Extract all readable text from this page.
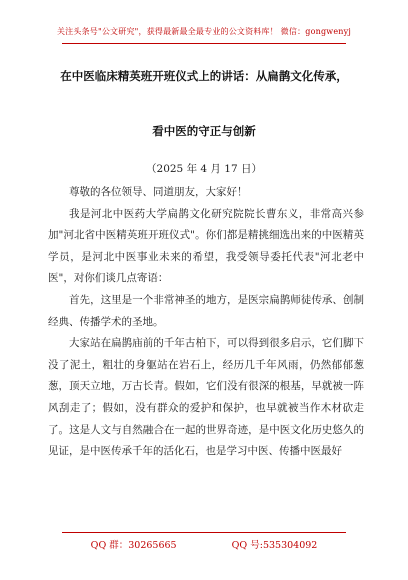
关注头条号"公文研究"，获得最新最全最专业的公文资料库！ 微信：gongwenyj
在中医临床精英班开班仪式上的讲话：从扁鹊文化传承，
看中医的守正与创新
（2025 年 4 月 17 日）

尊敬的各位领导、同道朋友，大家好！

我是河北中医药大学扁鹊文化研究院院长曹东义，非常高兴参加"河北省中医精英班开班仪式"。你们都是精挑细选出来的中医精英学员，是河北中医事业未来的希望，我受领导委托代表"河北老中医"，对你们谈几点寄语：

首先，这里是一个非常神圣的地方，是医宗扁鹊师徒传承、创制经典、传播学术的圣地。

大家站在扁鹊庙前的千年古柏下，可以得到很多启示，它们脚下没了泥土，粗壮的身躯站在岩石上，经历几千年风雨，仍然郁郁葱葱，顶天立地，万古长青。假如，它们没有很深的根基，早就被一阵风刮走了；假如，没有群众的爱护和保护，也早就被当作木材砍走了。这是人文与自然融合在一起的世界奇迹，是中医文化历史悠久的见证，是中医传承千年的活化石，也是学习中医、传播中医最好

QQ 群：30265665	QQ 号:535304092
